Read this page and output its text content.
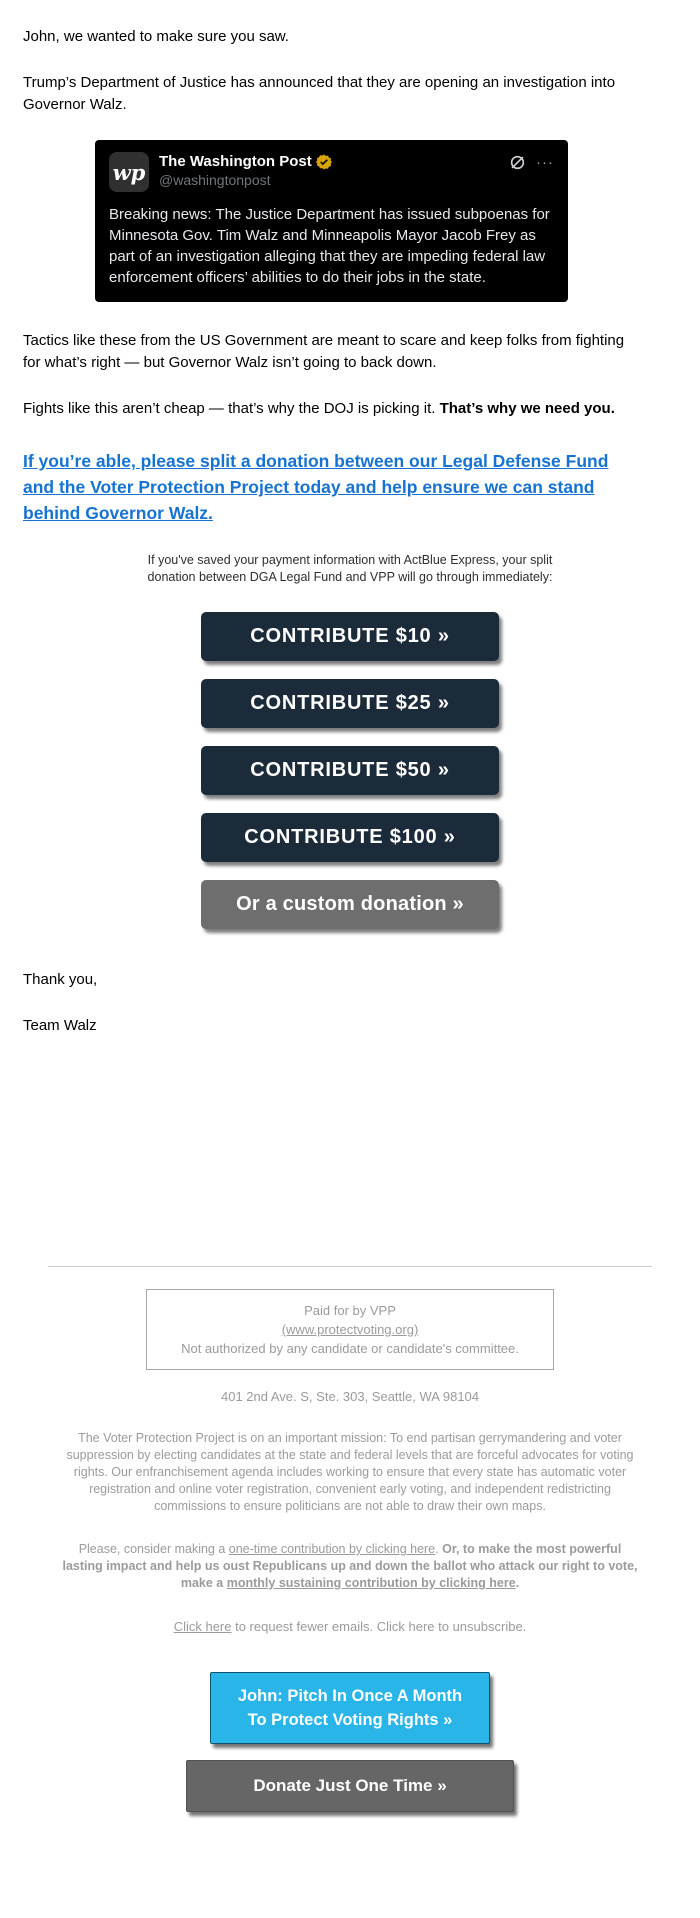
John, we wanted to make sure you saw.

Trump’s Department of Justice has announced that they are opening an investigation into Governor Walz.

wp The Washington Post
@washingtonpost
···
Breaking news: The Justice Department has issued subpoenas for Minnesota Gov. Tim Walz and Minneapolis Mayor Jacob Frey as part of an investigation alleging that they are impeding federal law enforcement officers’ abilities to do their jobs in the state.

Tactics like these from the US Government are meant to scare and keep folks from fighting for what’s right — but Governor Walz isn’t going to back down.

Fights like this aren’t cheap — that’s why the DOJ is picking it. That’s why we need you.

If you’re able, please split a donation between our Legal Defense Fund and the Voter Protection Project today and help ensure we can stand behind Governor Walz.
If you've saved your payment information with ActBlue Express, your split donation between DGA Legal Fund and VPP will go through immediately:
CONTRIBUTE $10 »
CONTRIBUTE $25 »
CONTRIBUTE $50 »
CONTRIBUTE $100 »
Or a custom donation »

Thank you,

Team Walz

Paid for by VPP
(www.protectvoting.org)
Not authorized by any candidate or candidate's committee.
401 2nd Ave. S, Ste. 303, Seattle, WA 98104
The Voter Protection Project is on an important mission: To end partisan gerrymandering and voter suppression by electing candidates at the state and federal levels that are forceful advocates for voting rights. Our enfranchisement agenda includes working to ensure that every state has automatic voter registration and online voter registration, convenient early voting, and independent redistricting commissions to ensure politicians are not able to draw their own maps.
Please, consider making a one-time contribution by clicking here. Or, to make the most powerful lasting impact and help us oust Republicans up and down the ballot who attack our right to vote, make a monthly sustaining contribution by clicking here.
Click here to request fewer emails. Click here to unsubscribe.
John: Pitch In Once A Month To Protect Voting Rights »
Donate Just One Time »
